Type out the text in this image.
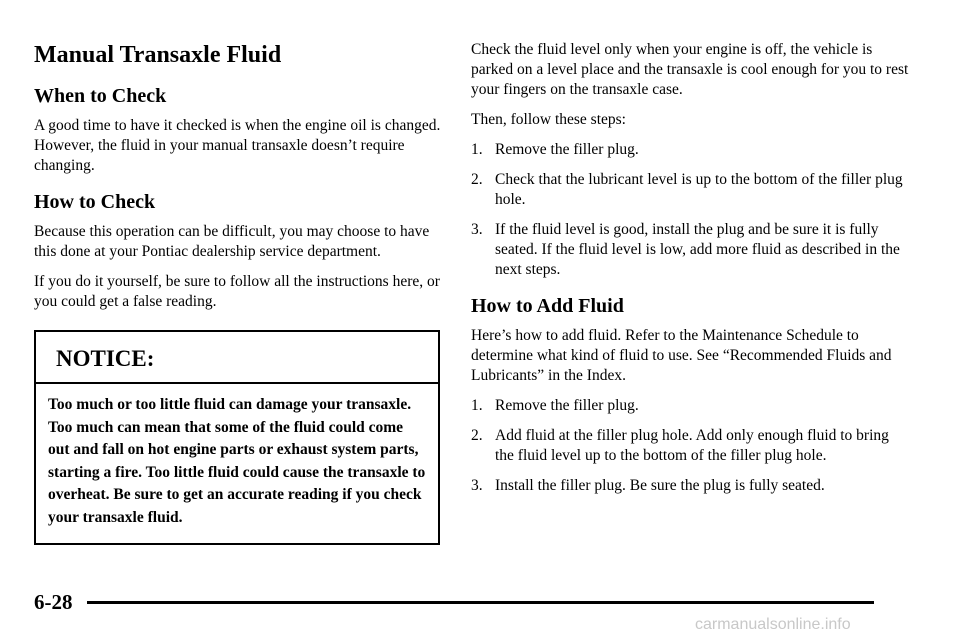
Manual Transaxle Fluid
When to Check

A good time to have it checked is when the engine oil is changed. However, the fluid in your manual transaxle doesn’t require changing.

How to Check

Because this operation can be difficult, you may choose to have this done at your Pontiac dealership service department.

If you do it yourself, be sure to follow all the instructions here, or you could get a false reading.

NOTICE:
Too much or too little fluid can damage your transaxle. Too much can mean that some of the fluid could come out and fall on hot engine parts or exhaust system parts, starting a fire. Too little fluid could cause the transaxle to overheat. Be sure to get an accurate reading if you check your transaxle fluid.

Check the fluid level only when your engine is off, the vehicle is parked on a level place and the transaxle is cool enough for you to rest your fingers on the transaxle case.

Then, follow these steps:

1. Remove the filler plug.
2. Check that the lubricant level is up to the bottom of the filler plug hole.
3. If the fluid level is good, install the plug and be sure it is fully seated. If the fluid level is low, add more fluid as described in the next steps.
How to Add Fluid

Here’s how to add fluid. Refer to the Maintenance Schedule to determine what kind of fluid to use. See “Recommended Fluids and Lubricants” in the Index.

1. Remove the filler plug.
2. Add fluid at the filler plug hole. Add only enough fluid to bring the fluid level up to the bottom of the filler plug hole.
3. Install the filler plug. Be sure the plug is fully seated.
6-28
carmanualsonline.info
